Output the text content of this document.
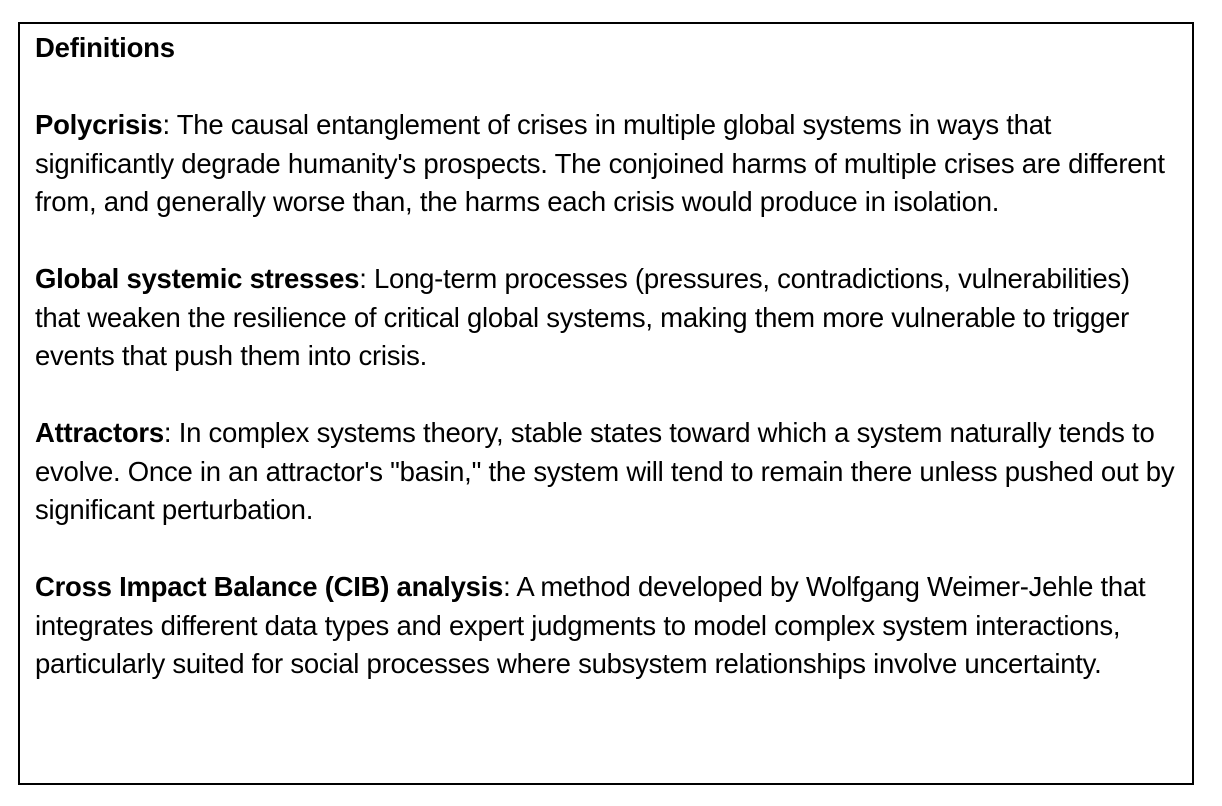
Definitions

Polycrisis: The causal entanglement of crises in multiple global systems in ways that significantly degrade humanity's prospects. The conjoined harms of multiple crises are different from, and generally worse than, the harms each crisis would produce in isolation.

Global systemic stresses: Long-term processes (pressures, contradictions, vulnerabilities) that weaken the resilience of critical global systems, making them more vulnerable to trigger events that push them into crisis.

Attractors: In complex systems theory, stable states toward which a system naturally tends to evolve. Once in an attractor's "basin," the system will tend to remain there unless pushed out by significant perturbation.

Cross Impact Balance (CIB) analysis: A method developed by Wolfgang Weimer-Jehle that integrates different data types and expert judgments to model complex system interactions, particularly suited for social processes where subsystem relationships involve uncertainty.
